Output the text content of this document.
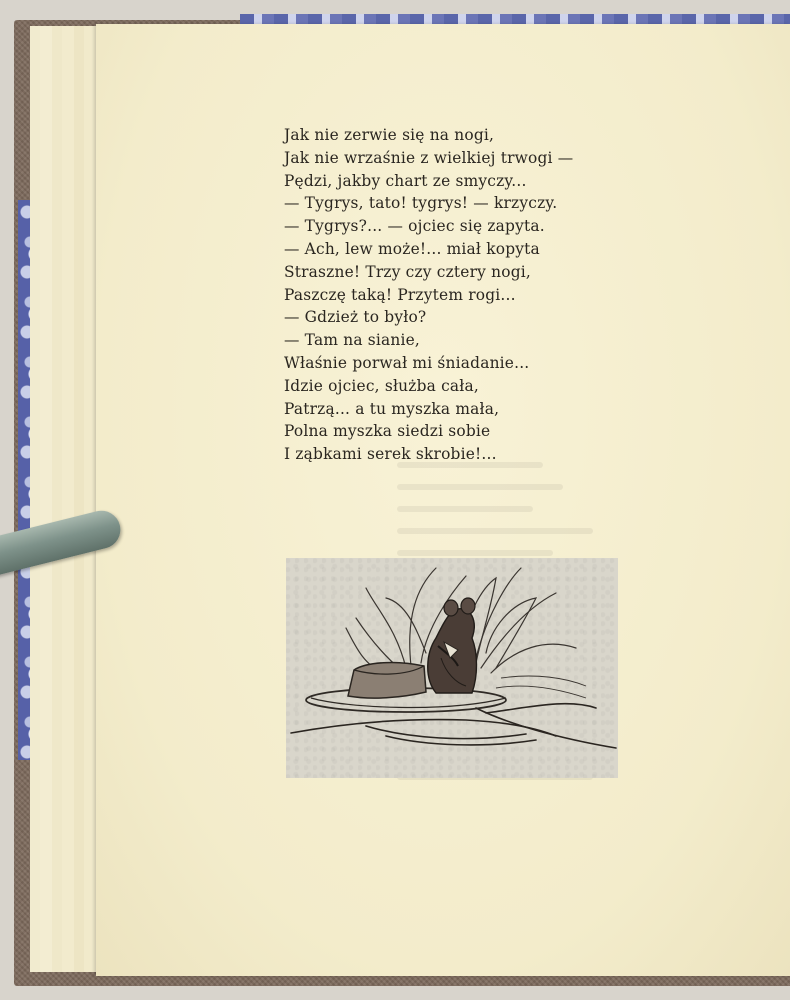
Jak nie zerwie się na nogi,
Jak nie wrzaśnie z wielkiej trwogi —
Pędzi, jakby chart ze smyczy...
— Tygrys, tato! tygrys! — krzyczy.
— Tygrys?... — ojciec się zapyta.
— Ach, lew może!... miał kopyta
Straszne! Trzy czy cztery nogi,
Paszczę taką! Przytem rogi...
— Gdzież to było?
— Tam na sianie,
Właśnie porwał mi śniadanie...
Idzie ojciec, służba cała,
Patrzą... a tu myszka mała,
Polna myszka siedzi sobie
I ząbkami serek skrobie!...
